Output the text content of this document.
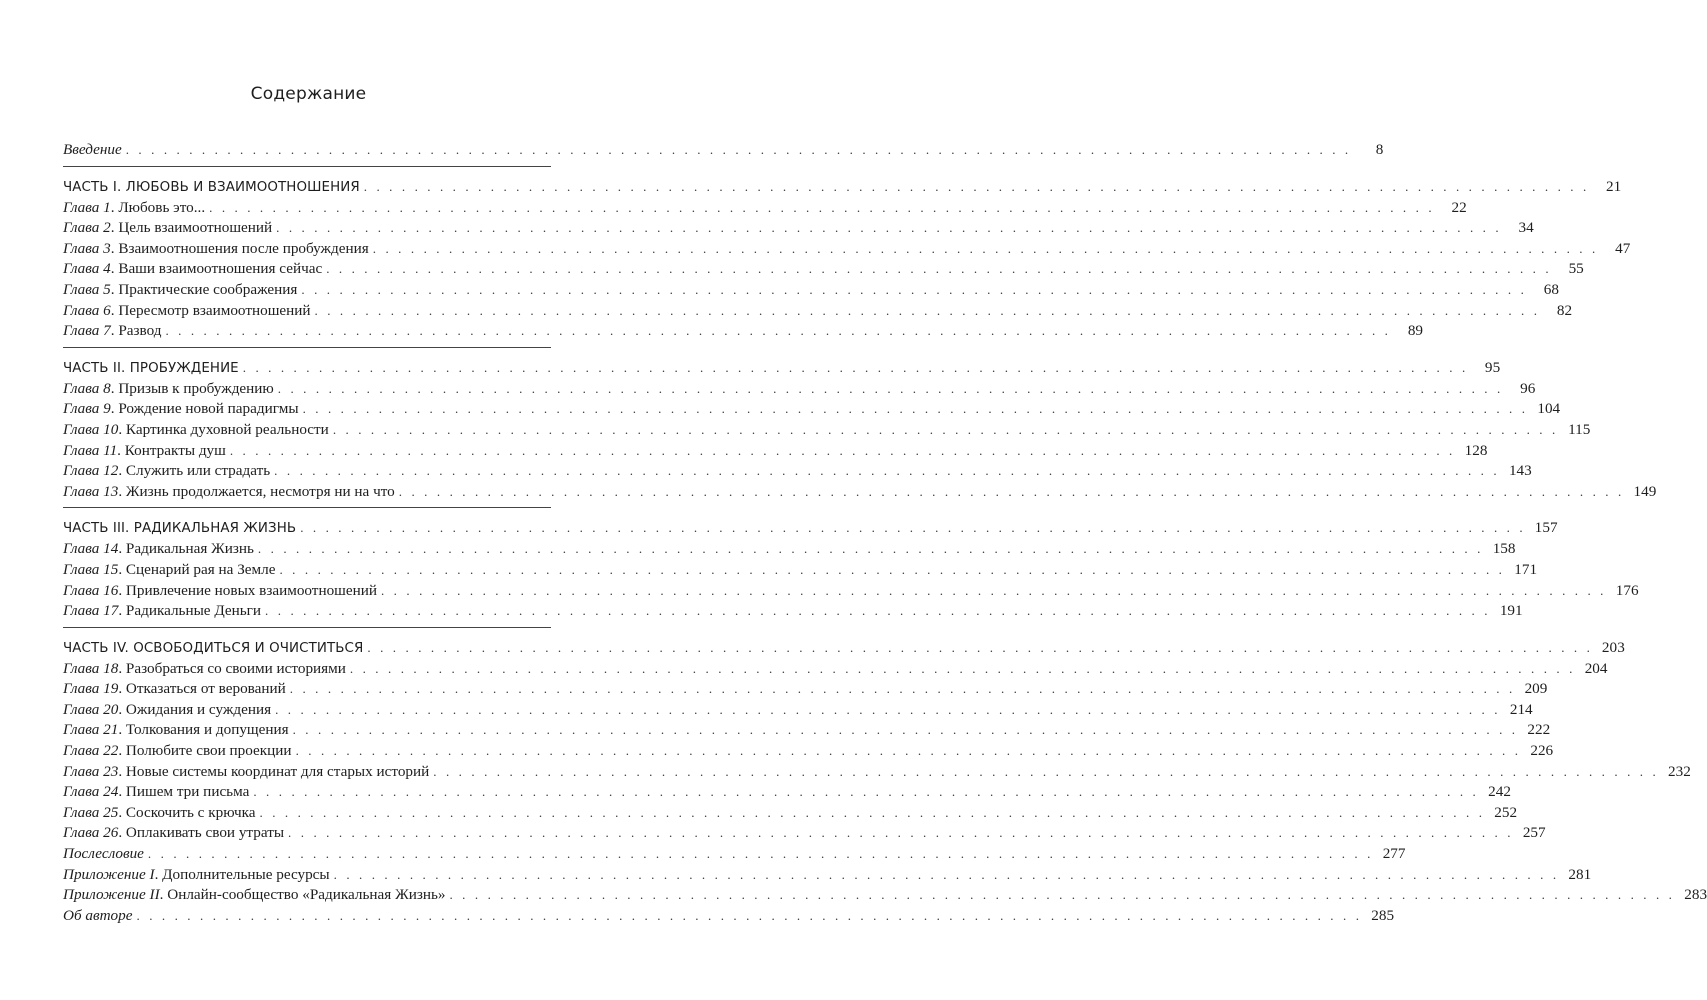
Содержание
Введение . . . . . . . . . . . . . . . . . . . . . . . . . . . . . . . . . . . . . . . . . . . . . . . . . . . . . . . . . . . . . . . . . . . . . . . . . . . . . . . . . . . . . . . . . . . . . . . . .	8
ЧАСТЬ I. ЛЮБОВЬ И ВЗАИМООТНОШЕНИЯ . . . . . . . . . . . . . . . . . . . . . . . . . . . . . . . . . . . . . . . . . . . . . . . . . . . . . . . . . . . . . . . . . . . . . . . . . . . . . . . . . . . . . . . . . . . . . . . . .	21
Глава 1. Любовь это... . . . . . . . . . . . . . . . . . . . . . . . . . . . . . . . . . . . . . . . . . . . . . . . . . . . . . . . . . . . . . . . . . . . . . . . . . . . . . . . . . . . . . . . . . . . . . . . . .	22
Глава 2. Цель взаимоотношений . . . . . . . . . . . . . . . . . . . . . . . . . . . . . . . . . . . . . . . . . . . . . . . . . . . . . . . . . . . . . . . . . . . . . . . . . . . . . . . . . . . . . . . . . . . . . . . . .	34
Глава 3. Взаимоотношения после пробуждения . . . . . . . . . . . . . . . . . . . . . . . . . . . . . . . . . . . . . . . . . . . . . . . . . . . . . . . . . . . . . . . . . . . . . . . . . . . . . . . . . . . . . . . . . . . . . . . . .	47
Глава 4. Ваши взаимоотношения сейчас . . . . . . . . . . . . . . . . . . . . . . . . . . . . . . . . . . . . . . . . . . . . . . . . . . . . . . . . . . . . . . . . . . . . . . . . . . . . . . . . . . . . . . . . . . . . . . . . .	55
Глава 5. Практические соображения . . . . . . . . . . . . . . . . . . . . . . . . . . . . . . . . . . . . . . . . . . . . . . . . . . . . . . . . . . . . . . . . . . . . . . . . . . . . . . . . . . . . . . . . . . . . . . . . .	68
Глава 6. Пересмотр взаимоотношений . . . . . . . . . . . . . . . . . . . . . . . . . . . . . . . . . . . . . . . . . . . . . . . . . . . . . . . . . . . . . . . . . . . . . . . . . . . . . . . . . . . . . . . . . . . . . . . . .	82
Глава 7. Развод . . . . . . . . . . . . . . . . . . . . . . . . . . . . . . . . . . . . . . . . . . . . . . . . . . . . . . . . . . . . . . . . . . . . . . . . . . . . . . . . . . . . . . . . . . . . . . . . .	89
ЧАСТЬ II. ПРОБУЖДЕНИЕ . . . . . . . . . . . . . . . . . . . . . . . . . . . . . . . . . . . . . . . . . . . . . . . . . . . . . . . . . . . . . . . . . . . . . . . . . . . . . . . . . . . . . . . . . . . . . . . . .	95
Глава 8. Призыв к пробуждению . . . . . . . . . . . . . . . . . . . . . . . . . . . . . . . . . . . . . . . . . . . . . . . . . . . . . . . . . . . . . . . . . . . . . . . . . . . . . . . . . . . . . . . . . . . . . . . . .	96
Глава 9. Рождение новой парадигмы . . . . . . . . . . . . . . . . . . . . . . . . . . . . . . . . . . . . . . . . . . . . . . . . . . . . . . . . . . . . . . . . . . . . . . . . . . . . . . . . . . . . . . . . . . . . . . . . . 104
Глава 10. Картинка духовной реальности . . . . . . . . . . . . . . . . . . . . . . . . . . . . . . . . . . . . . . . . . . . . . . . . . . . . . . . . . . . . . . . . . . . . . . . . . . . . . . . . . . . . . . . . . . . . . . . . . 115
Глава 11. Контракты душ . . . . . . . . . . . . . . . . . . . . . . . . . . . . . . . . . . . . . . . . . . . . . . . . . . . . . . . . . . . . . . . . . . . . . . . . . . . . . . . . . . . . . . . . . . . . . . . . . 128
Глава 12. Служить или страдать . . . . . . . . . . . . . . . . . . . . . . . . . . . . . . . . . . . . . . . . . . . . . . . . . . . . . . . . . . . . . . . . . . . . . . . . . . . . . . . . . . . . . . . . . . . . . . . . . 143
Глава 13. Жизнь продолжается, несмотря ни на что . . . . . . . . . . . . . . . . . . . . . . . . . . . . . . . . . . . . . . . . . . . . . . . . . . . . . . . . . . . . . . . . . . . . . . . . . . . . . . . . . . . . . . . . . . . . . . . . . 149
ЧАСТЬ III. РАДИКАЛЬНАЯ ЖИЗНЬ . . . . . . . . . . . . . . . . . . . . . . . . . . . . . . . . . . . . . . . . . . . . . . . . . . . . . . . . . . . . . . . . . . . . . . . . . . . . . . . . . . . . . . . . . . . . . . . . . 157
Глава 14. Радикальная Жизнь . . . . . . . . . . . . . . . . . . . . . . . . . . . . . . . . . . . . . . . . . . . . . . . . . . . . . . . . . . . . . . . . . . . . . . . . . . . . . . . . . . . . . . . . . . . . . . . . . 158
Глава 15. Сценарий рая на Земле . . . . . . . . . . . . . . . . . . . . . . . . . . . . . . . . . . . . . . . . . . . . . . . . . . . . . . . . . . . . . . . . . . . . . . . . . . . . . . . . . . . . . . . . . . . . . . . . . 171
Глава 16. Привлечение новых взаимоотношений . . . . . . . . . . . . . . . . . . . . . . . . . . . . . . . . . . . . . . . . . . . . . . . . . . . . . . . . . . . . . . . . . . . . . . . . . . . . . . . . . . . . . . . . . . . . . . . . . 176
Глава 17. Радикальные Деньги . . . . . . . . . . . . . . . . . . . . . . . . . . . . . . . . . . . . . . . . . . . . . . . . . . . . . . . . . . . . . . . . . . . . . . . . . . . . . . . . . . . . . . . . . . . . . . . . . 191
ЧАСТЬ IV. ОСВОБОДИТЬСЯ И ОЧИСТИТЬСЯ . . . . . . . . . . . . . . . . . . . . . . . . . . . . . . . . . . . . . . . . . . . . . . . . . . . . . . . . . . . . . . . . . . . . . . . . . . . . . . . . . . . . . . . . . . . . . . . . . 203
Глава 18. Разобраться со своими историями . . . . . . . . . . . . . . . . . . . . . . . . . . . . . . . . . . . . . . . . . . . . . . . . . . . . . . . . . . . . . . . . . . . . . . . . . . . . . . . . . . . . . . . . . . . . . . . . . 204
Глава 19. Отказаться от верований . . . . . . . . . . . . . . . . . . . . . . . . . . . . . . . . . . . . . . . . . . . . . . . . . . . . . . . . . . . . . . . . . . . . . . . . . . . . . . . . . . . . . . . . . . . . . . . . . 209
Глава 20. Ожидания и суждения . . . . . . . . . . . . . . . . . . . . . . . . . . . . . . . . . . . . . . . . . . . . . . . . . . . . . . . . . . . . . . . . . . . . . . . . . . . . . . . . . . . . . . . . . . . . . . . . . 214
Глава 21. Толкования и допущения . . . . . . . . . . . . . . . . . . . . . . . . . . . . . . . . . . . . . . . . . . . . . . . . . . . . . . . . . . . . . . . . . . . . . . . . . . . . . . . . . . . . . . . . . . . . . . . . . 222
Глава 22. Полюбите свои проекции . . . . . . . . . . . . . . . . . . . . . . . . . . . . . . . . . . . . . . . . . . . . . . . . . . . . . . . . . . . . . . . . . . . . . . . . . . . . . . . . . . . . . . . . . . . . . . . . . 226
Глава 23. Новые системы координат для старых историй . . . . . . . . . . . . . . . . . . . . . . . . . . . . . . . . . . . . . . . . . . . . . . . . . . . . . . . . . . . . . . . . . . . . . . . . . . . . . . . . . . . . . . . . . . . . . . . . . 232
Глава 24. Пишем три письма . . . . . . . . . . . . . . . . . . . . . . . . . . . . . . . . . . . . . . . . . . . . . . . . . . . . . . . . . . . . . . . . . . . . . . . . . . . . . . . . . . . . . . . . . . . . . . . . . 242
Глава 25. Соскочить с крючка . . . . . . . . . . . . . . . . . . . . . . . . . . . . . . . . . . . . . . . . . . . . . . . . . . . . . . . . . . . . . . . . . . . . . . . . . . . . . . . . . . . . . . . . . . . . . . . . . 252
Глава 26. Оплакивать свои утраты . . . . . . . . . . . . . . . . . . . . . . . . . . . . . . . . . . . . . . . . . . . . . . . . . . . . . . . . . . . . . . . . . . . . . . . . . . . . . . . . . . . . . . . . . . . . . . . . . 257
Послесловие . . . . . . . . . . . . . . . . . . . . . . . . . . . . . . . . . . . . . . . . . . . . . . . . . . . . . . . . . . . . . . . . . . . . . . . . . . . . . . . . . . . . . . . . . . . . . . . . . 277
Приложение I. Дополнительные ресурсы . . . . . . . . . . . . . . . . . . . . . . . . . . . . . . . . . . . . . . . . . . . . . . . . . . . . . . . . . . . . . . . . . . . . . . . . . . . . . . . . . . . . . . . . . . . . . . . . . 281
Приложение II. Онлайн-сообщество «Радикальная Жизнь» . . . . . . . . . . . . . . . . . . . . . . . . . . . . . . . . . . . . . . . . . . . . . . . . . . . . . . . . . . . . . . . . . . . . . . . . . . . . . . . . . . . . . . . . . . . . . . . . . 283
Об авторе . . . . . . . . . . . . . . . . . . . . . . . . . . . . . . . . . . . . . . . . . . . . . . . . . . . . . . . . . . . . . . . . . . . . . . . . . . . . . . . . . . . . . . . . . . . . . . . . . 285
